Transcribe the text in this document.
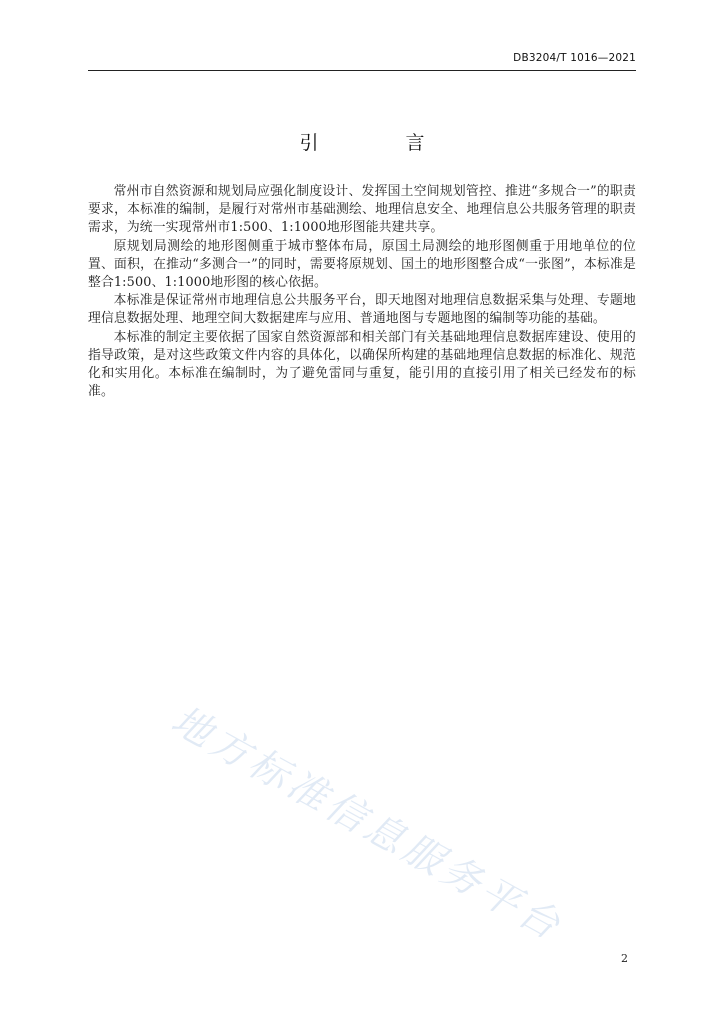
DB3204/T 1016—2021
引　言

常州市自然资源和规划局应强化制度设计、发挥国土空间规划管控、推进“多规合一”的职责要求，本标准的编制，是履行对常州市基础测绘、地理信息安全、地理信息公共服务管理的职责需求，为统一实现常州市1:500、1:1000地形图能共建共享。

原规划局测绘的地形图侧重于城市整体布局，原国土局测绘的地形图侧重于用地单位的位置、面积，在推动“多测合一”的同时，需要将原规划、国土的地形图整合成“一张图”，本标准是整合1:500、1:1000地形图的核心依据。

本标准是保证常州市地理信息公共服务平台，即天地图对地理信息数据采集与处理、专题地理信息数据处理、地理空间大数据建库与应用、普通地图与专题地图的编制等功能的基础。

本标准的制定主要依据了国家自然资源部和相关部门有关基础地理信息数据库建设、使用的指导政策，是对这些政策文件内容的具体化，以确保所构建的基础地理信息数据的标准化、规范化和实用化。本标准在编制时，为了避免雷同与重复，能引用的直接引用了相关已经发布的标准。

地方标准信息服务平台
2
